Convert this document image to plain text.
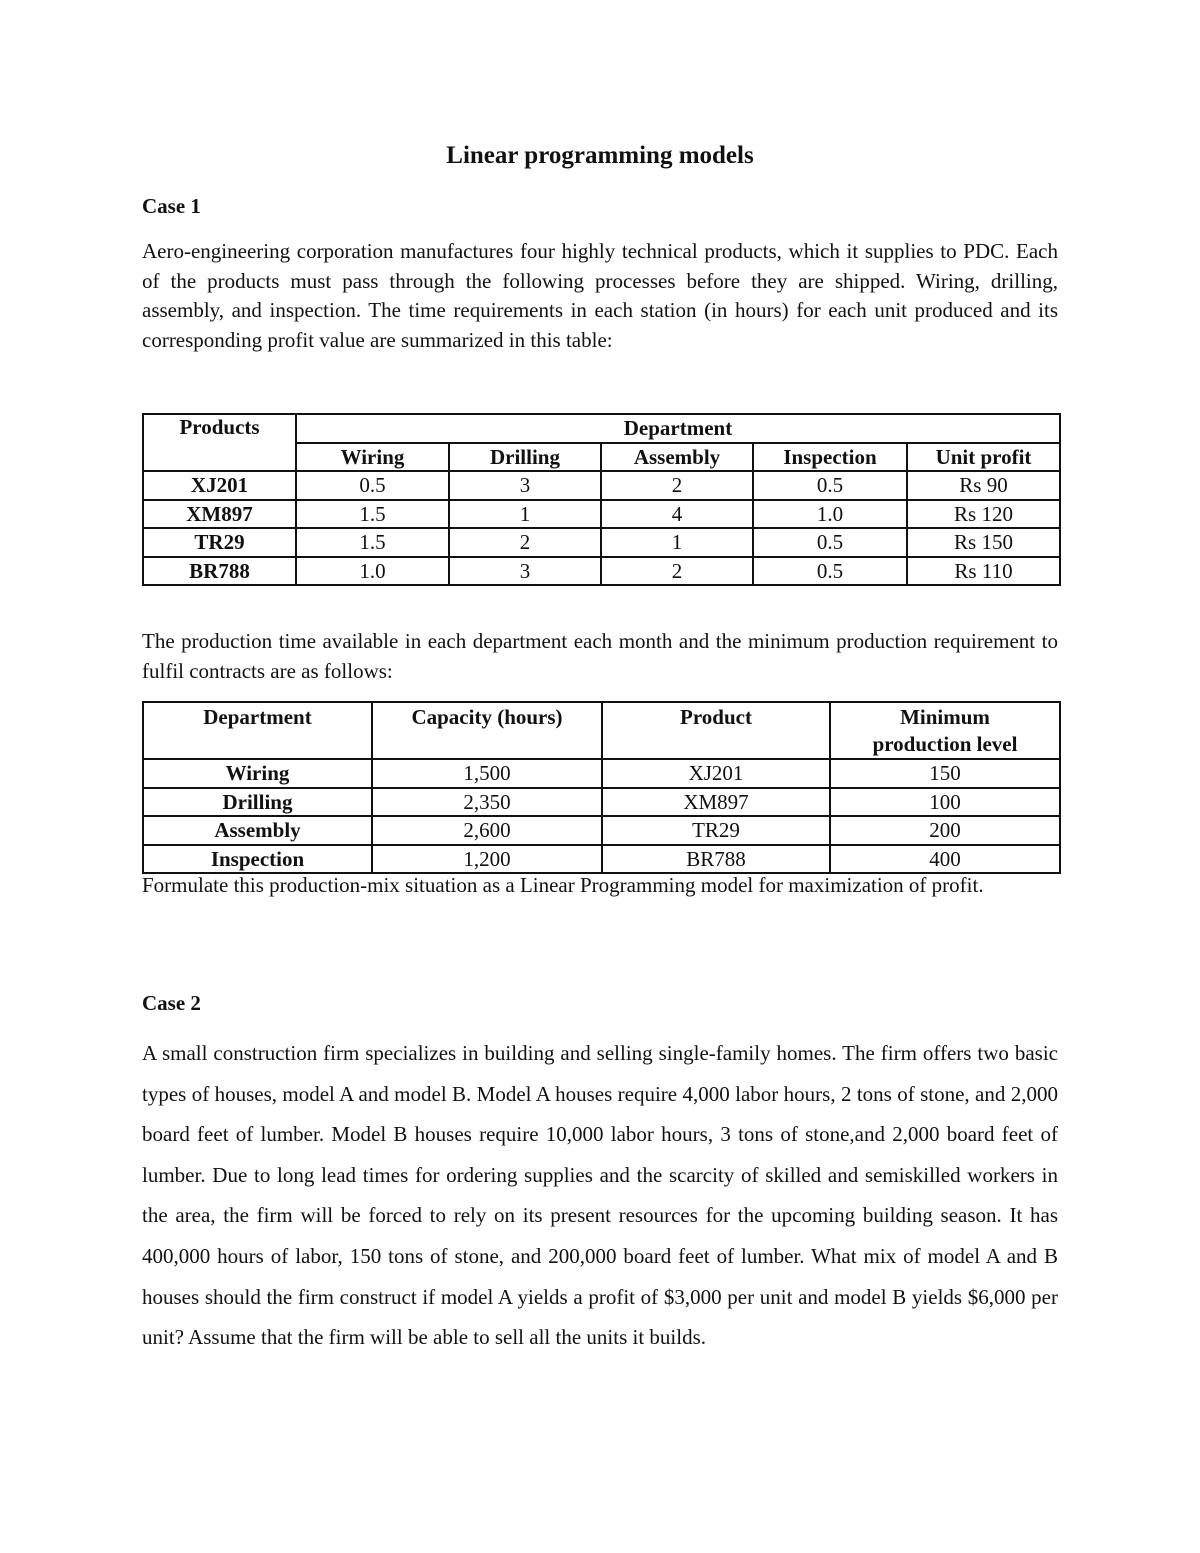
Linear programming models
Case 1
Aero-engineering corporation manufactures four highly technical products, which it supplies to PDC. Each of the products must pass through the following processes before they are shipped. Wiring, drilling, assembly, and inspection. The time requirements in each station (in hours) for each unit produced and its corresponding profit value are summarized in this table:
Products	Department				
	Wiring	Drilling	Assembly	Inspection	Unit profit
XJ201	0.5	3	2	0.5	Rs 90
XM897	1.5	1	4	1.0	Rs 120
TR29	1.5	2	1	0.5	Rs 150
BR788	1.0	3	2	0.5	Rs 110
The production time available in each department each month and the minimum production requirement to fulfil contracts are as follows:
Department	Capacity (hours)	Product	Minimum production level
Wiring	1,500	XJ201	150
Drilling	2,350	XM897	100
Assembly	2,600	TR29	200
Inspection	1,200	BR788	400
Formulate this production-mix situation as a Linear Programming model for maximization of profit.
Case 2
A small construction firm specializes in building and selling single-family homes. The firm offers two basic types of houses, model A and model B. Model A houses require 4,000 labor hours, 2 tons of stone, and 2,000 board feet of lumber. Model B houses require 10,000 labor hours, 3 tons of stone,and 2,000 board feet of lumber. Due to long lead times for ordering supplies and the scarcity of skilled and semiskilled workers in the area, the firm will be forced to rely on its present resources for the upcoming building season. It has 400,000 hours of labor, 150 tons of stone, and 200,000 board feet of lumber. What mix of model A and B houses should the firm construct if model A yields a profit of $3,000 per unit and model B yields $6,000 per unit? Assume that the firm will be able to sell all the units it builds.
